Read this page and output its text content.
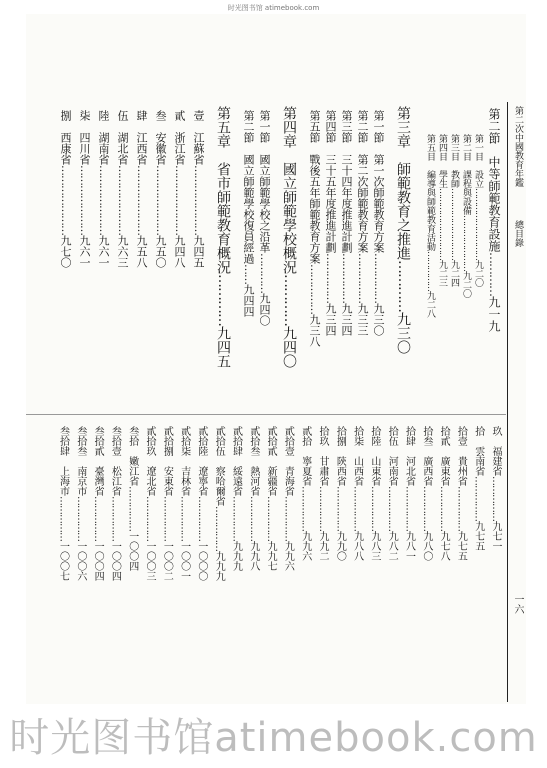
时光图书馆 atimebook.com
第二次中國教育年鑑
總目錄
一六
第二節　中等師範教育設施…………九一九
第一目　設立………………………九二〇
第二目　課程與設備…………………九二〇
第三目　教師………………………九二四
第四目　學生………………………九二三
第五目　編導與師範教育活動……………九二八
第三章　師範教育之推進…………九三〇
第一節　第一次師範教育方案……………九三〇
第二節　第二次師範教育方案……………九三三
第三節　三十四年度推進計劃……………九三四
第四節　三十五年度推進計劃……………九三四
第五節　戰後五年師範教育方案……………九三八
第四章　國立師範學校概況…………九四〇
第一節　國立師範學校之沿革…………九四〇
第二節　國立師範學校復員經過……九四四
第五章　省市師範教育概況…………九四五
壹　江蘇省…………………九四五
貳　浙江省…………………九四八
叁　安徽省…………………九五〇
肆　江西省…………………九五八
伍　湖北省…………………九六三
陸　湖南省…………………九六一
柒　四川省…………………九六一
捌　西康省…………………九七〇
玖　福建省……………九七一
拾　雲南省……………九七五
拾壹　貴州省……………九七五
拾貳　廣東省……………九七八
拾叁　廣西省……………九八〇
拾肆　河北省……………九八一
拾伍　河南省……………九八二
拾陸　山東省……………九八三
拾柒　山西省……………九八八
拾捌　陝西省……………九九〇
拾玖　甘肅省……………九九二
貳拾　寧夏省……………九九六
貳拾壹　青海省……………九九六
貳拾貳　新疆省……………九九七
貳拾叁　熱河省……………九九八
貳拾肆　綏遠省……………九九九
貳拾伍　察哈爾省……………九九九
貳拾陸　遼寧省……………一〇〇〇
貳拾柒　吉林省……………一〇〇一
貳拾捌　安東省……………一〇〇二
貳拾玖　遼北省……………一〇〇三
叁拾　嫩江省……………一〇〇四
叁拾壹　松江省……………一〇〇四
叁拾貳　臺灣省……………一〇〇四
叁拾叁　南京市……………一〇〇六
叁拾肆　上海市……………一〇〇七
时光图书馆atimebook.com
